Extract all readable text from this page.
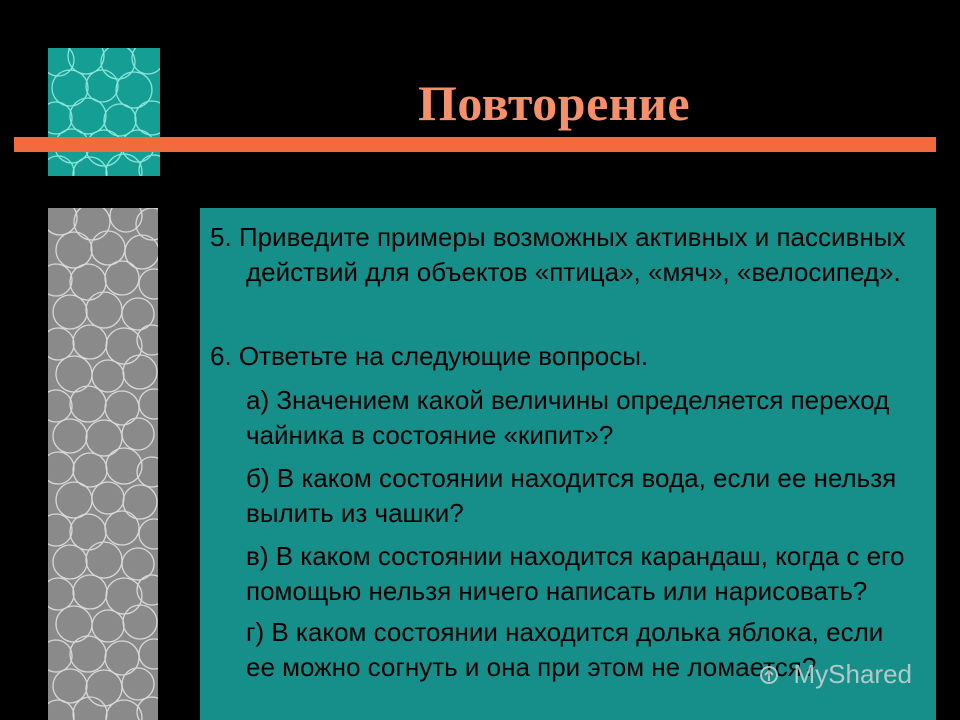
Повторение
5. Приведите примеры возможных активных и пассивных
действий для объектов «птица», «мяч», «велосипед».
6. Ответьте на следующие вопросы.
а) Значением какой величины определяется переход
чайника в состояние «кипит»?
б) В каком состоянии находится вода, если ее нельзя
вылить из чашки?
в) В каком состоянии находится карандаш, когда с его
помощью нельзя ничего написать или нарисовать?
г) В каком состоянии находится долька яблока, если
ее можно согнуть и она при этом не ломается?
MyShared
